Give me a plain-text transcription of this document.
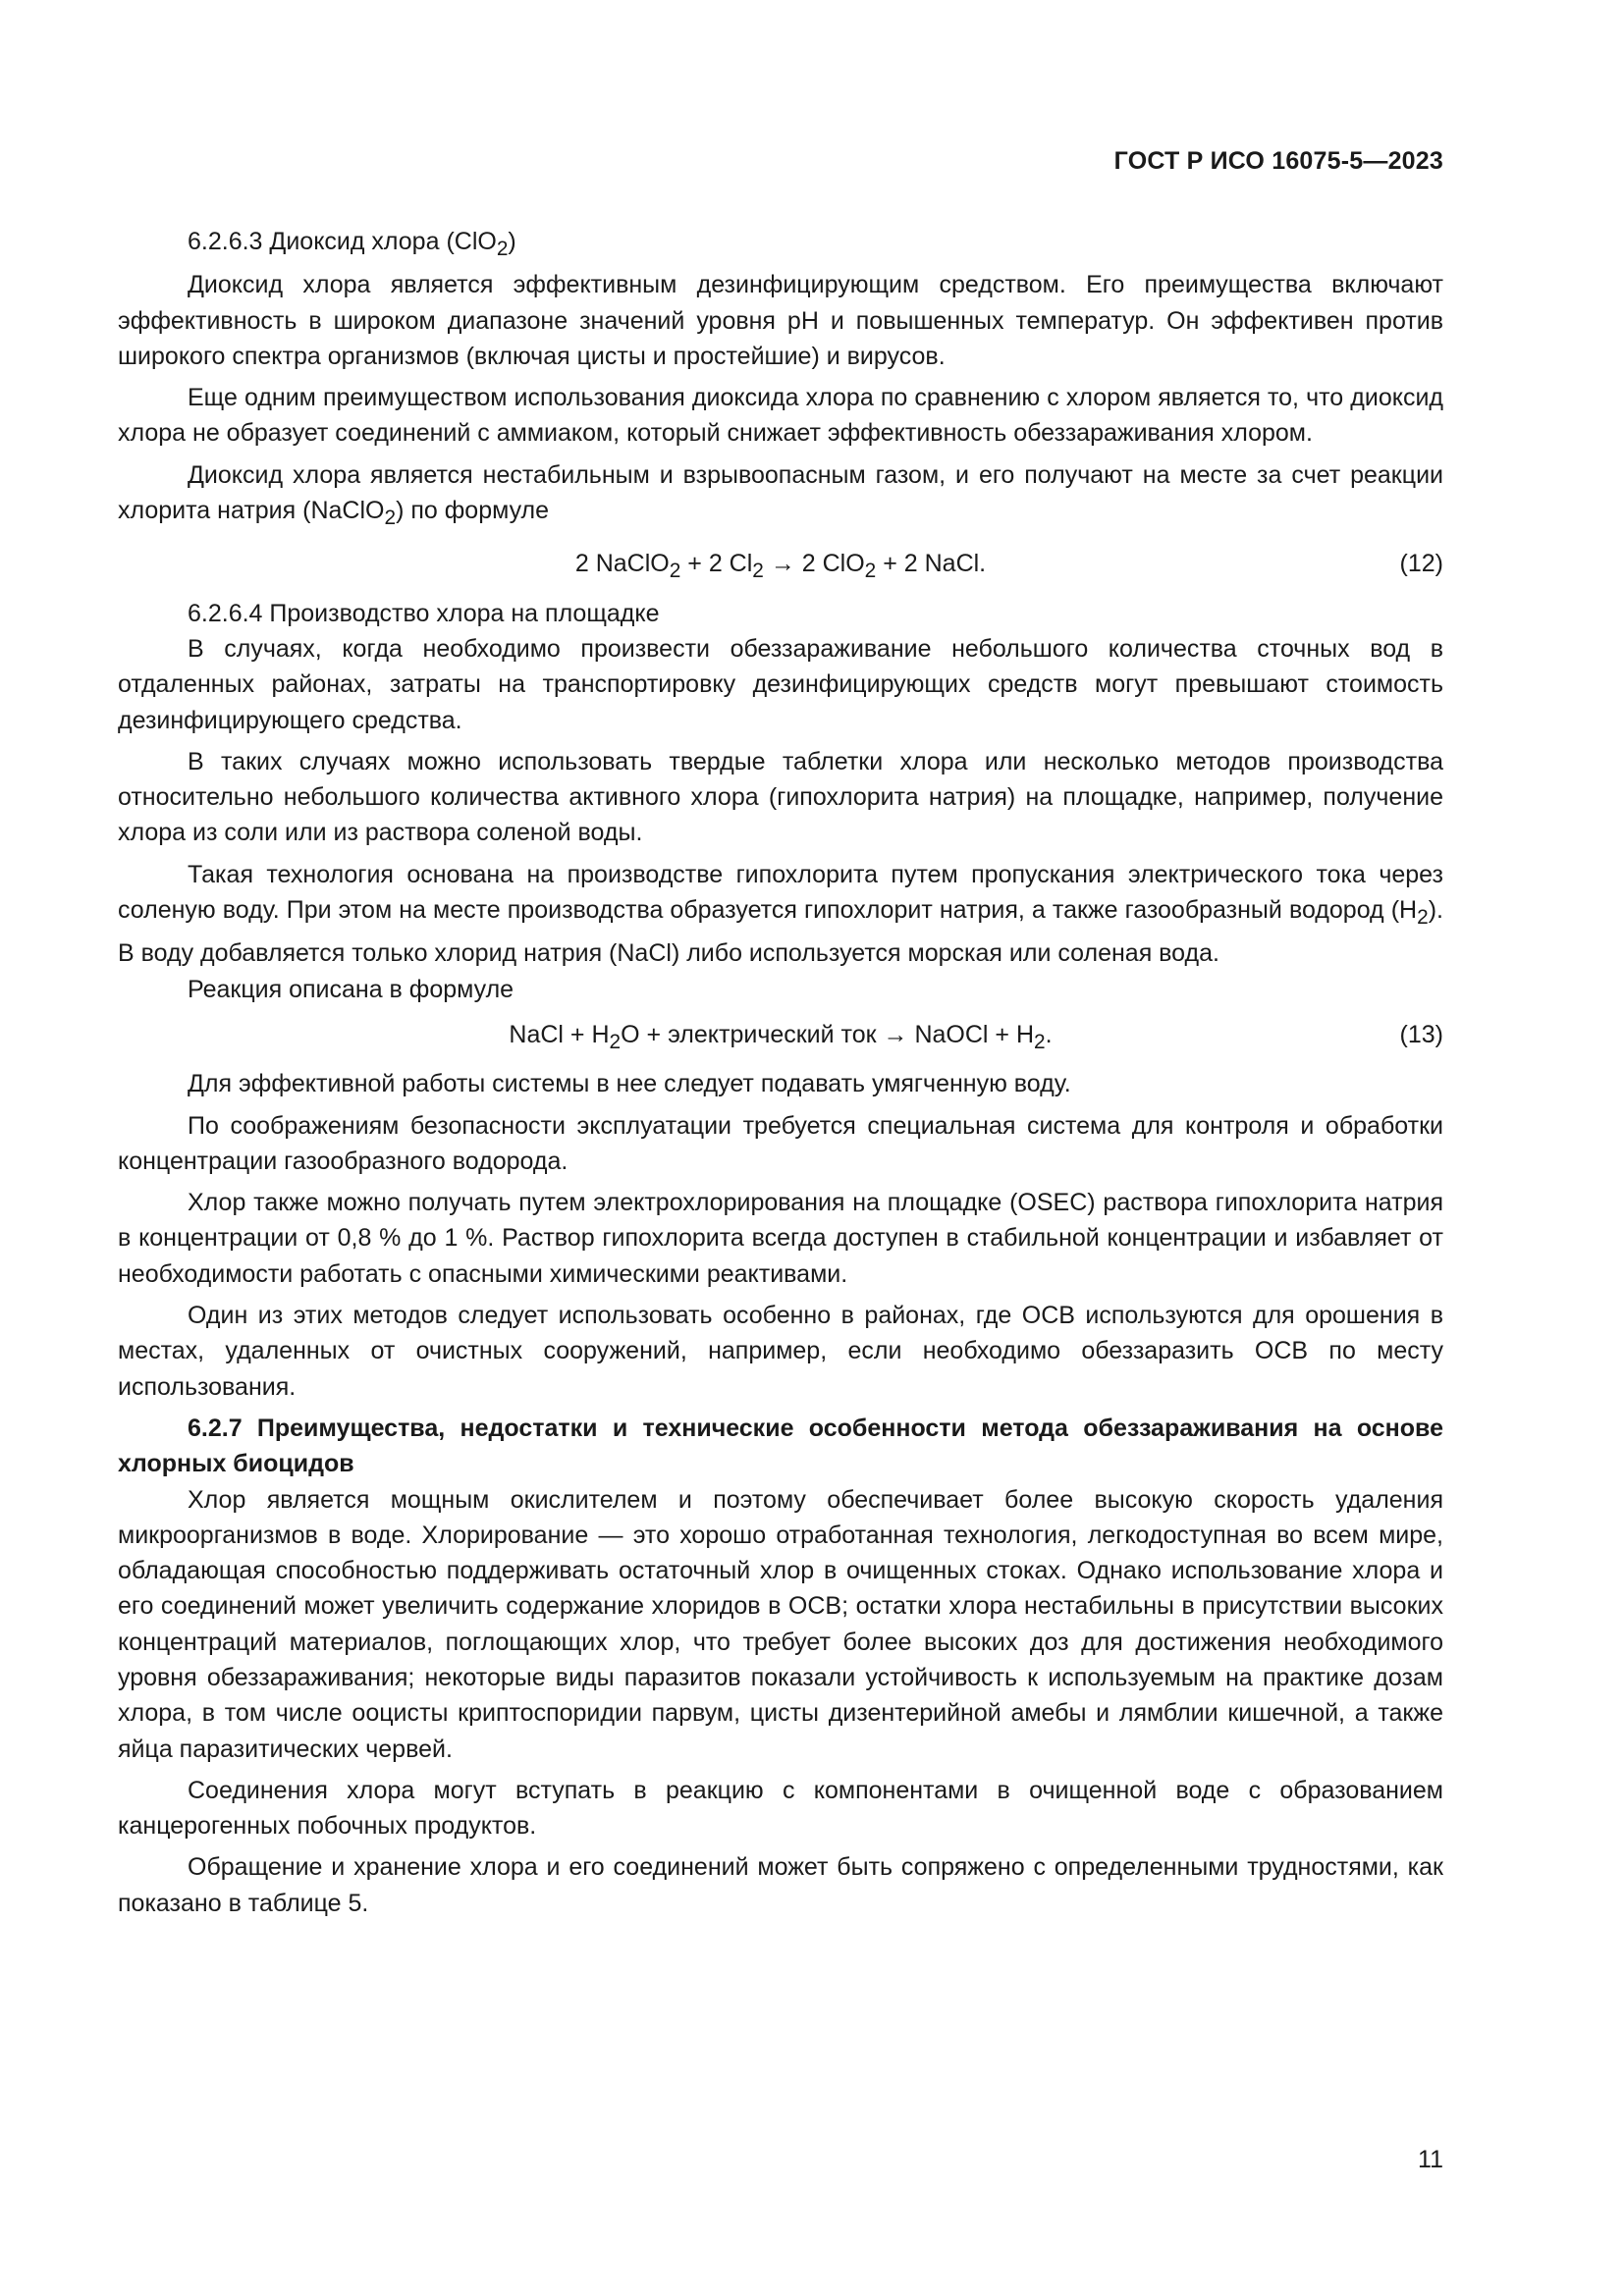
ГОСТ Р ИСО 16075-5—2023

6.2.6.3 Диоксид хлора (ClO$_2$)

Диоксид хлора является эффективным дезинфицирующим средством. Его преимущества включают эффективность в широком диапазоне значений уровня pH и повышенных температур. Он эффективен против широкого спектра организмов (включая цисты и простейшие) и вирусов.

Еще одним преимуществом использования диоксида хлора по сравнению с хлором является то, что диоксид хлора не образует соединений с аммиаком, который снижает эффективность обеззараживания хлором.

Диоксид хлора является нестабильным и взрывоопасным газом, и его получают на месте за счет реакции хлорита натрия (NaClO$_2$) по формуле

2 NaClO$_2$ + 2 $Cl_2 \to 2$ ClO$_2$ + 2 NaCl.	(12)

6.2.6.4 Производство хлора на площадке

В случаях, когда необходимо произвести обеззараживание небольшого количества сточных вод в отдаленных районах, затраты на транспортировку дезинфицирующих средств могут превышают стоимость дезинфицирующего средства.

В таких случаях можно использовать твердые таблетки хлора или несколько методов производства относительно небольшого количества активного хлора (гипохлорита натрия) на площадке, например, получение хлора из соли или из раствора соленой воды.

Такая технология основана на производстве гипохлорита путем пропускания электрического тока через соленую воду. При этом на месте производства образуется гипохлорит натрия, а также газообразный водород $(H_2)$. В воду добавляется только хлорид натрия (NaCl) либо используется морская или соленая вода.

Реакция описана в формуле

NaCl + $H_2O$ + электрический ток → NaOCl + $H_2$.	(13)

Для эффективной работы системы в нее следует подавать умягченную воду.

По соображениям безопасности эксплуатации требуется специальная система для контроля и обработки концентрации газообразного водорода.

Хлор также можно получать путем электрохлорирования на площадке (OSEC) раствора гипохлорита натрия в концентрации от 0,8 % до 1 %. Раствор гипохлорита всегда доступен в стабильной концентрации и избавляет от необходимости работать с опасными химическими реактивами.

Один из этих методов следует использовать особенно в районах, где ОСВ используются для орошения в местах, удаленных от очистных сооружений, например, если необходимо обеззаразить ОСВ по месту использования.

6.2.7 Преимущества, недостатки и технические особенности метода обеззараживания на основе хлорных биоцидов

Хлор является мощным окислителем и поэтому обеспечивает более высокую скорость удаления микроорганизмов в воде. Хлорирование — это хорошо отработанная технология, легкодоступная во всем мире, обладающая способностью поддерживать остаточный хлор в очищенных стоках. Однако использование хлора и его соединений может увеличить содержание хлоридов в ОСВ; остатки хлора нестабильны в присутствии высоких концентраций материалов, поглощающих хлор, что требует более высоких доз для достижения необходимого уровня обеззараживания; некоторые виды паразитов показали устойчивость к используемым на практике дозам хлора, в том числе ооцисты криптоспоридии парвум, цисты дизентерийной амебы и лямблии кишечной, а также яйца паразитических червей.

Соединения хлора могут вступать в реакцию с компонентами в очищенной воде с образованием канцерогенных побочных продуктов.

Обращение и хранение хлора и его соединений может быть сопряжено с определенными трудностями, как показано в таблице 5.

11
